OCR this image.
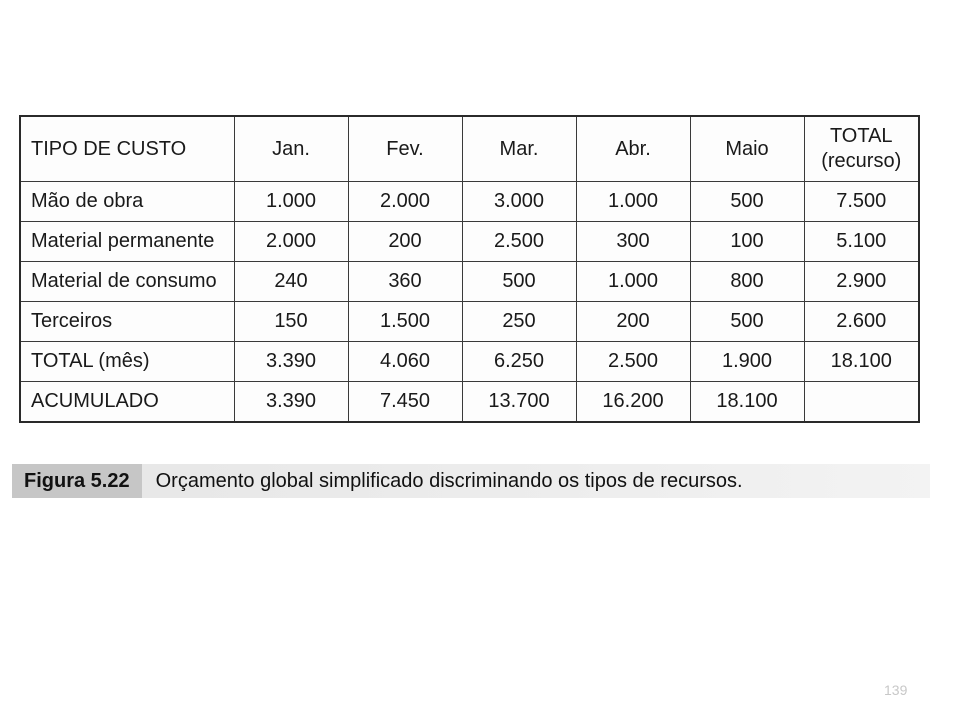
TIPO DE CUSTO	Jan.	Fev.	Mar.	Abr.	Maio	TOTAL
(recurso)

Mão de obra	1.000	2.000	3.000	1.000	500	7.500
Material permanente	2.000	200	2.500	300	100	5.100
Material de consumo	240	360	500	1.000	800	2.900
Terceiros	150	1.500	250	200	500	2.600
TOTAL (mês)	3.390	4.060	6.250	2.500	1.900	18.100
ACUMULADO	3.390	7.450	13.700	16.200	18.100	
Figura 5.22	Orçamento global simplificado discriminando os tipos de recursos.
139
